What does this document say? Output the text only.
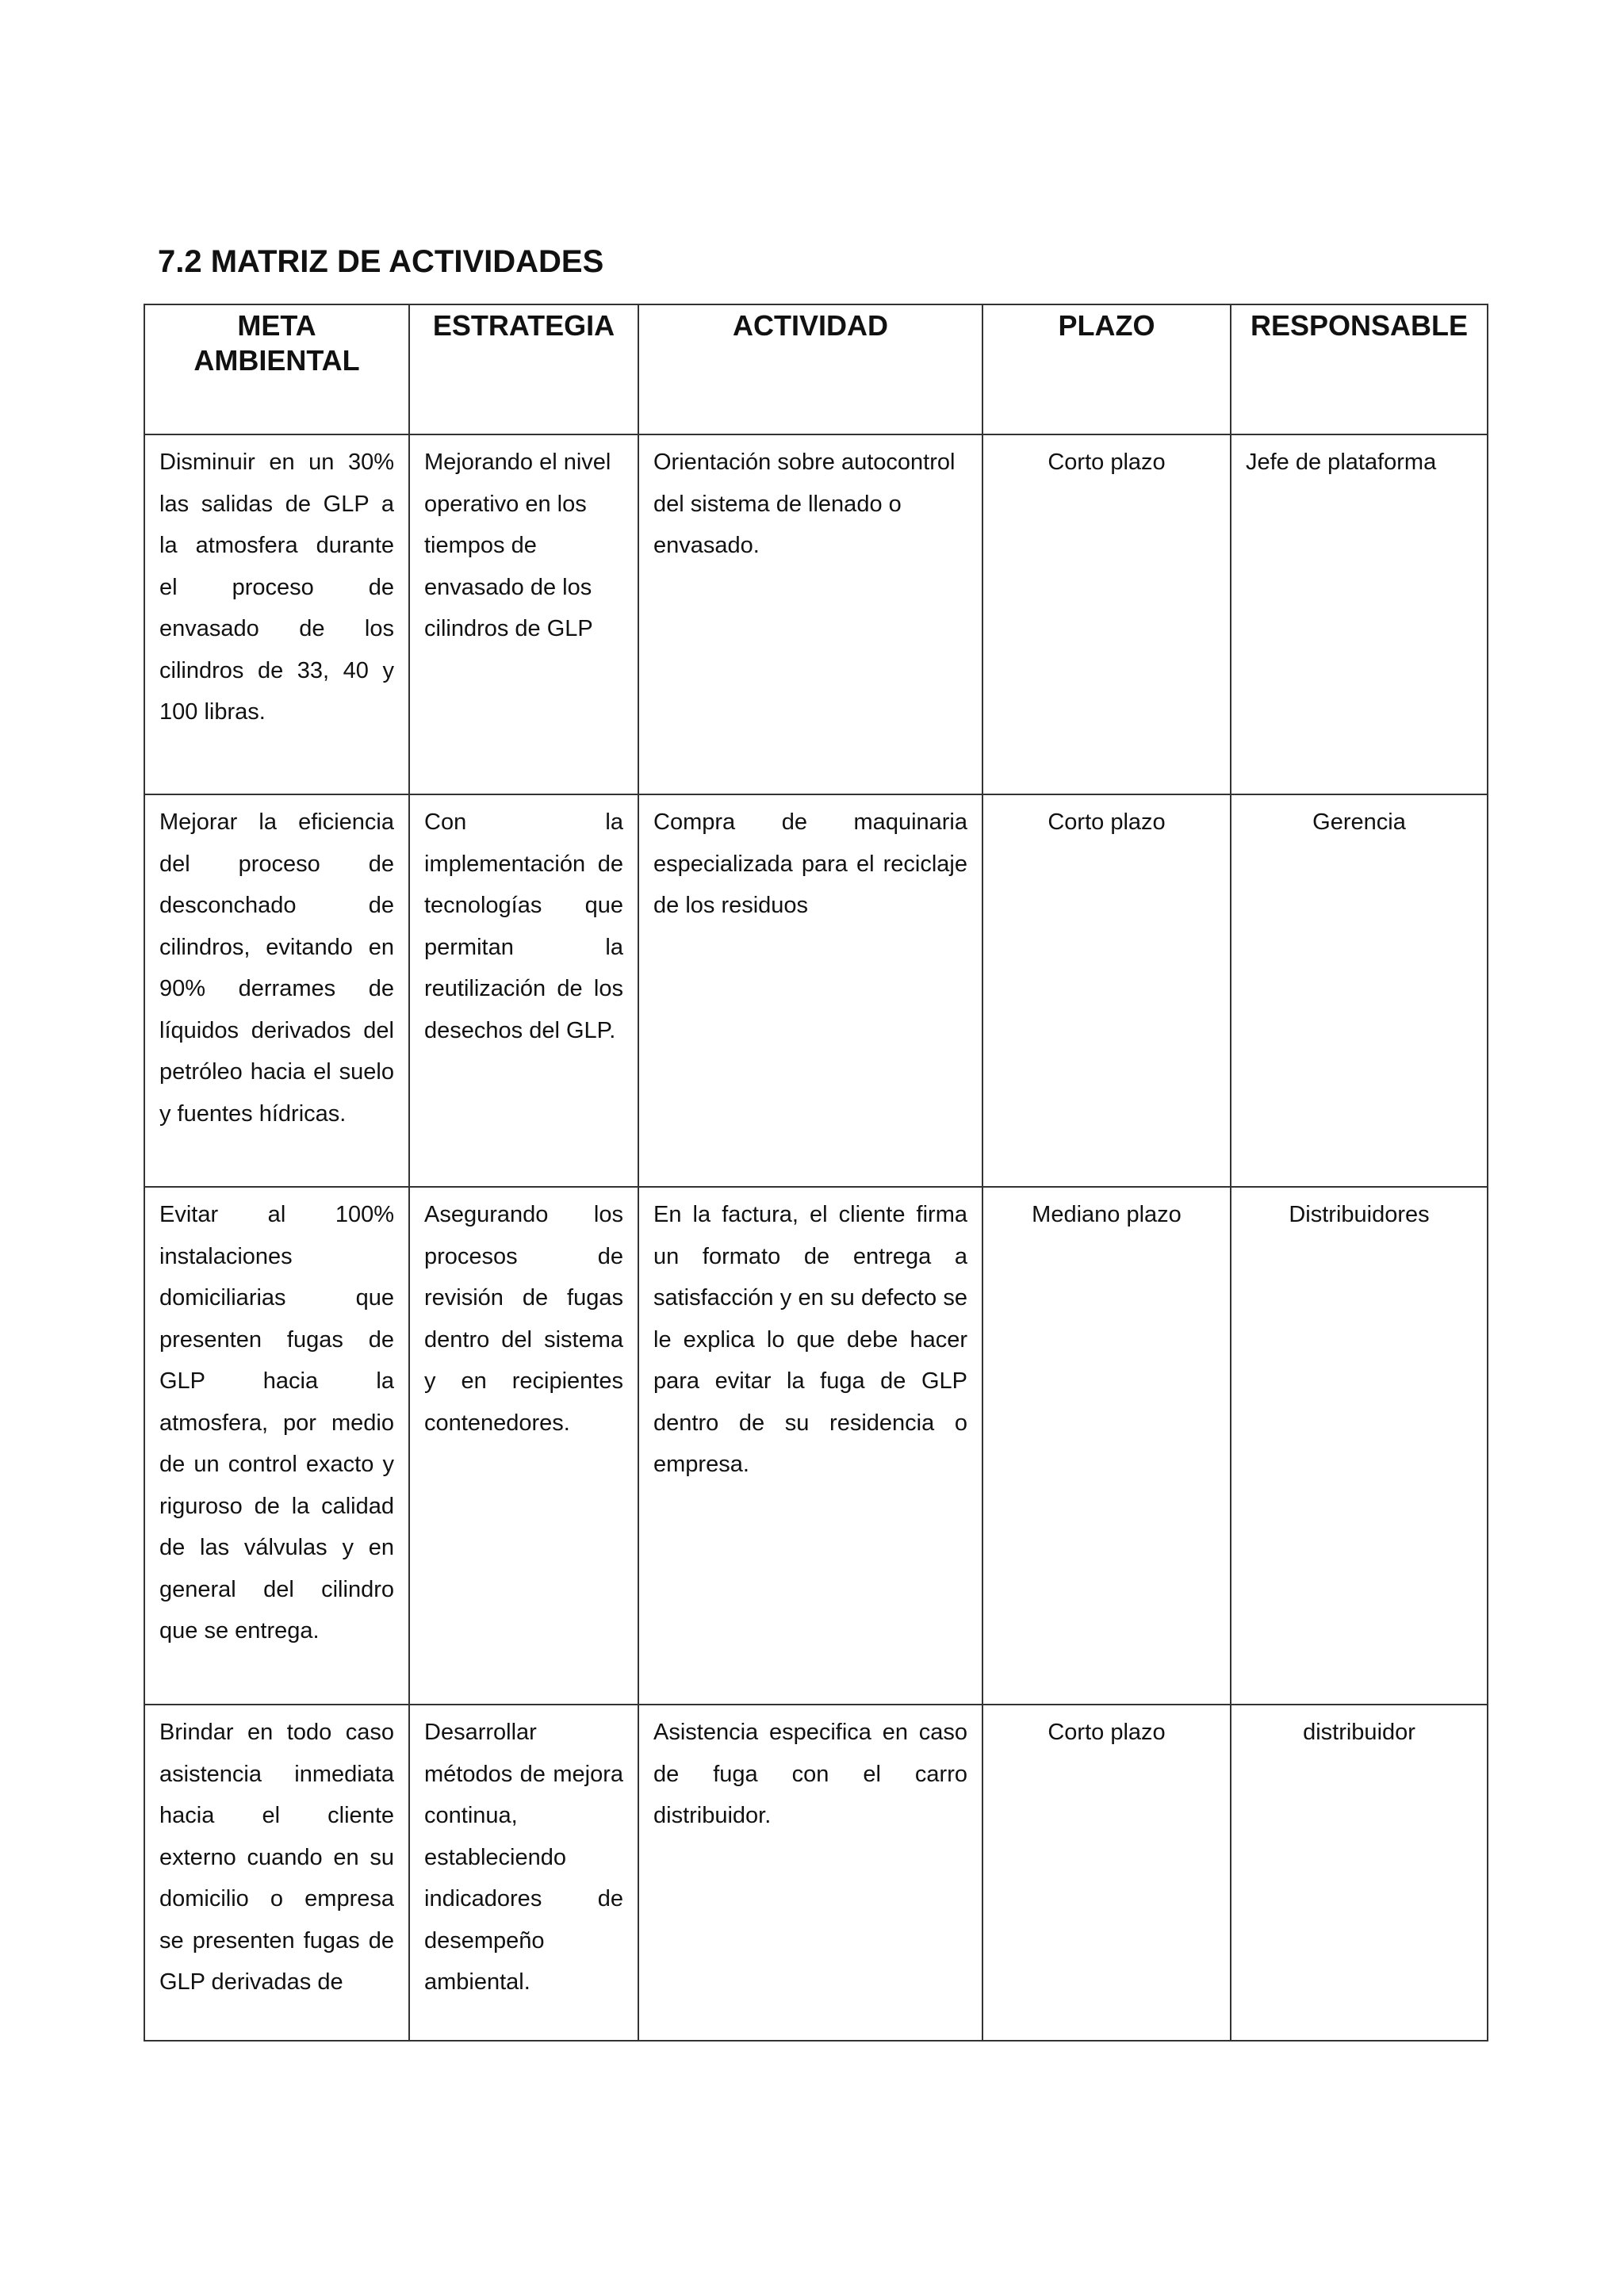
7.2 MATRIZ DE ACTIVIDADES
META AMBIENTAL	ESTRATEGIA	ACTIVIDAD	PLAZO	RESPONSABLE
Disminuir en un 30% las salidas de GLP a la atmosfera durante el proceso de envasado de los cilindros de 33, 40 y 100 libras.	Mejorando el nivel operativo en los tiempos de envasado de los cilindros de GLP	Orientación sobre autocontrol del sistema de llenado o envasado.	Corto plazo	Jefe de plataforma
Mejorar la eficiencia del proceso de desconchado de cilindros, evitando en 90% derrames de líquidos derivados del petróleo hacia el suelo y fuentes hídricas.	Con la implementación de tecnologías que permitan la reutilización de los desechos del GLP.	Compra de maquinaria especializada para el reciclaje de los residuos	Corto plazo	Gerencia
Evitar al 100% instalaciones domiciliarias que presenten fugas de GLP hacia la atmosfera, por medio de un control exacto y riguroso de la calidad de las válvulas y en general del cilindro que se entrega.	Asegurando los procesos de revisión de fugas dentro del sistema y en recipientes contenedores.	En la factura, el cliente firma un formato de entrega a satisfacción y en su defecto se le explica lo que debe hacer para evitar la fuga de GLP dentro de su residencia o empresa.	Mediano plazo	Distribuidores
Brindar en todo caso asistencia inmediata hacia el cliente externo cuando en su domicilio o empresa se presenten fugas de GLP derivadas de	Desarrollar métodos de mejora continua, estableciendo indicadores de desempeño ambiental.	Asistencia especifica en caso de fuga con el carro distribuidor.	Corto plazo	distribuidor
